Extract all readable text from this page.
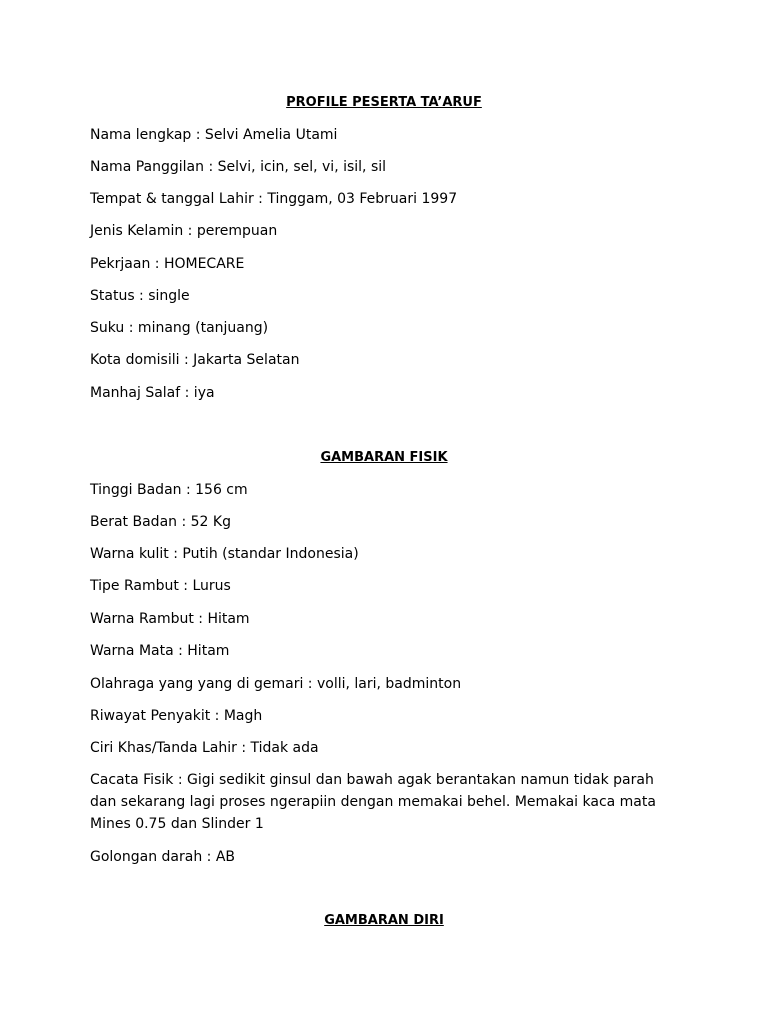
PROFILE PESERTA TA’ARUF
Nama lengkap : Selvi Amelia Utami
Nama Panggilan : Selvi, icin, sel, vi, isil, sil
Tempat & tanggal Lahir : Tinggam, 03 Februari 1997
Jenis Kelamin : perempuan
Pekrjaan : HOMECARE
Status : single
Suku : minang (tanjuang)
Kota domisili : Jakarta Selatan
Manhaj Salaf : iya
GAMBARAN FISIK
Tinggi Badan : 156 cm
Berat Badan : 52 Kg
Warna kulit : Putih (standar Indonesia)
Tipe Rambut : Lurus
Warna Rambut : Hitam
Warna Mata : Hitam
Olahraga yang yang di gemari : volli, lari, badminton
Riwayat Penyakit : Magh
Ciri Khas/Tanda Lahir : Tidak ada
Cacata Fisik : Gigi sedikit ginsul dan bawah agak berantakan namun tidak parah dan sekarang lagi proses ngerapiin dengan memakai behel. Memakai kaca mata Mines 0.75 dan Slinder 1
Golongan darah : AB
GAMBARAN DIRI
